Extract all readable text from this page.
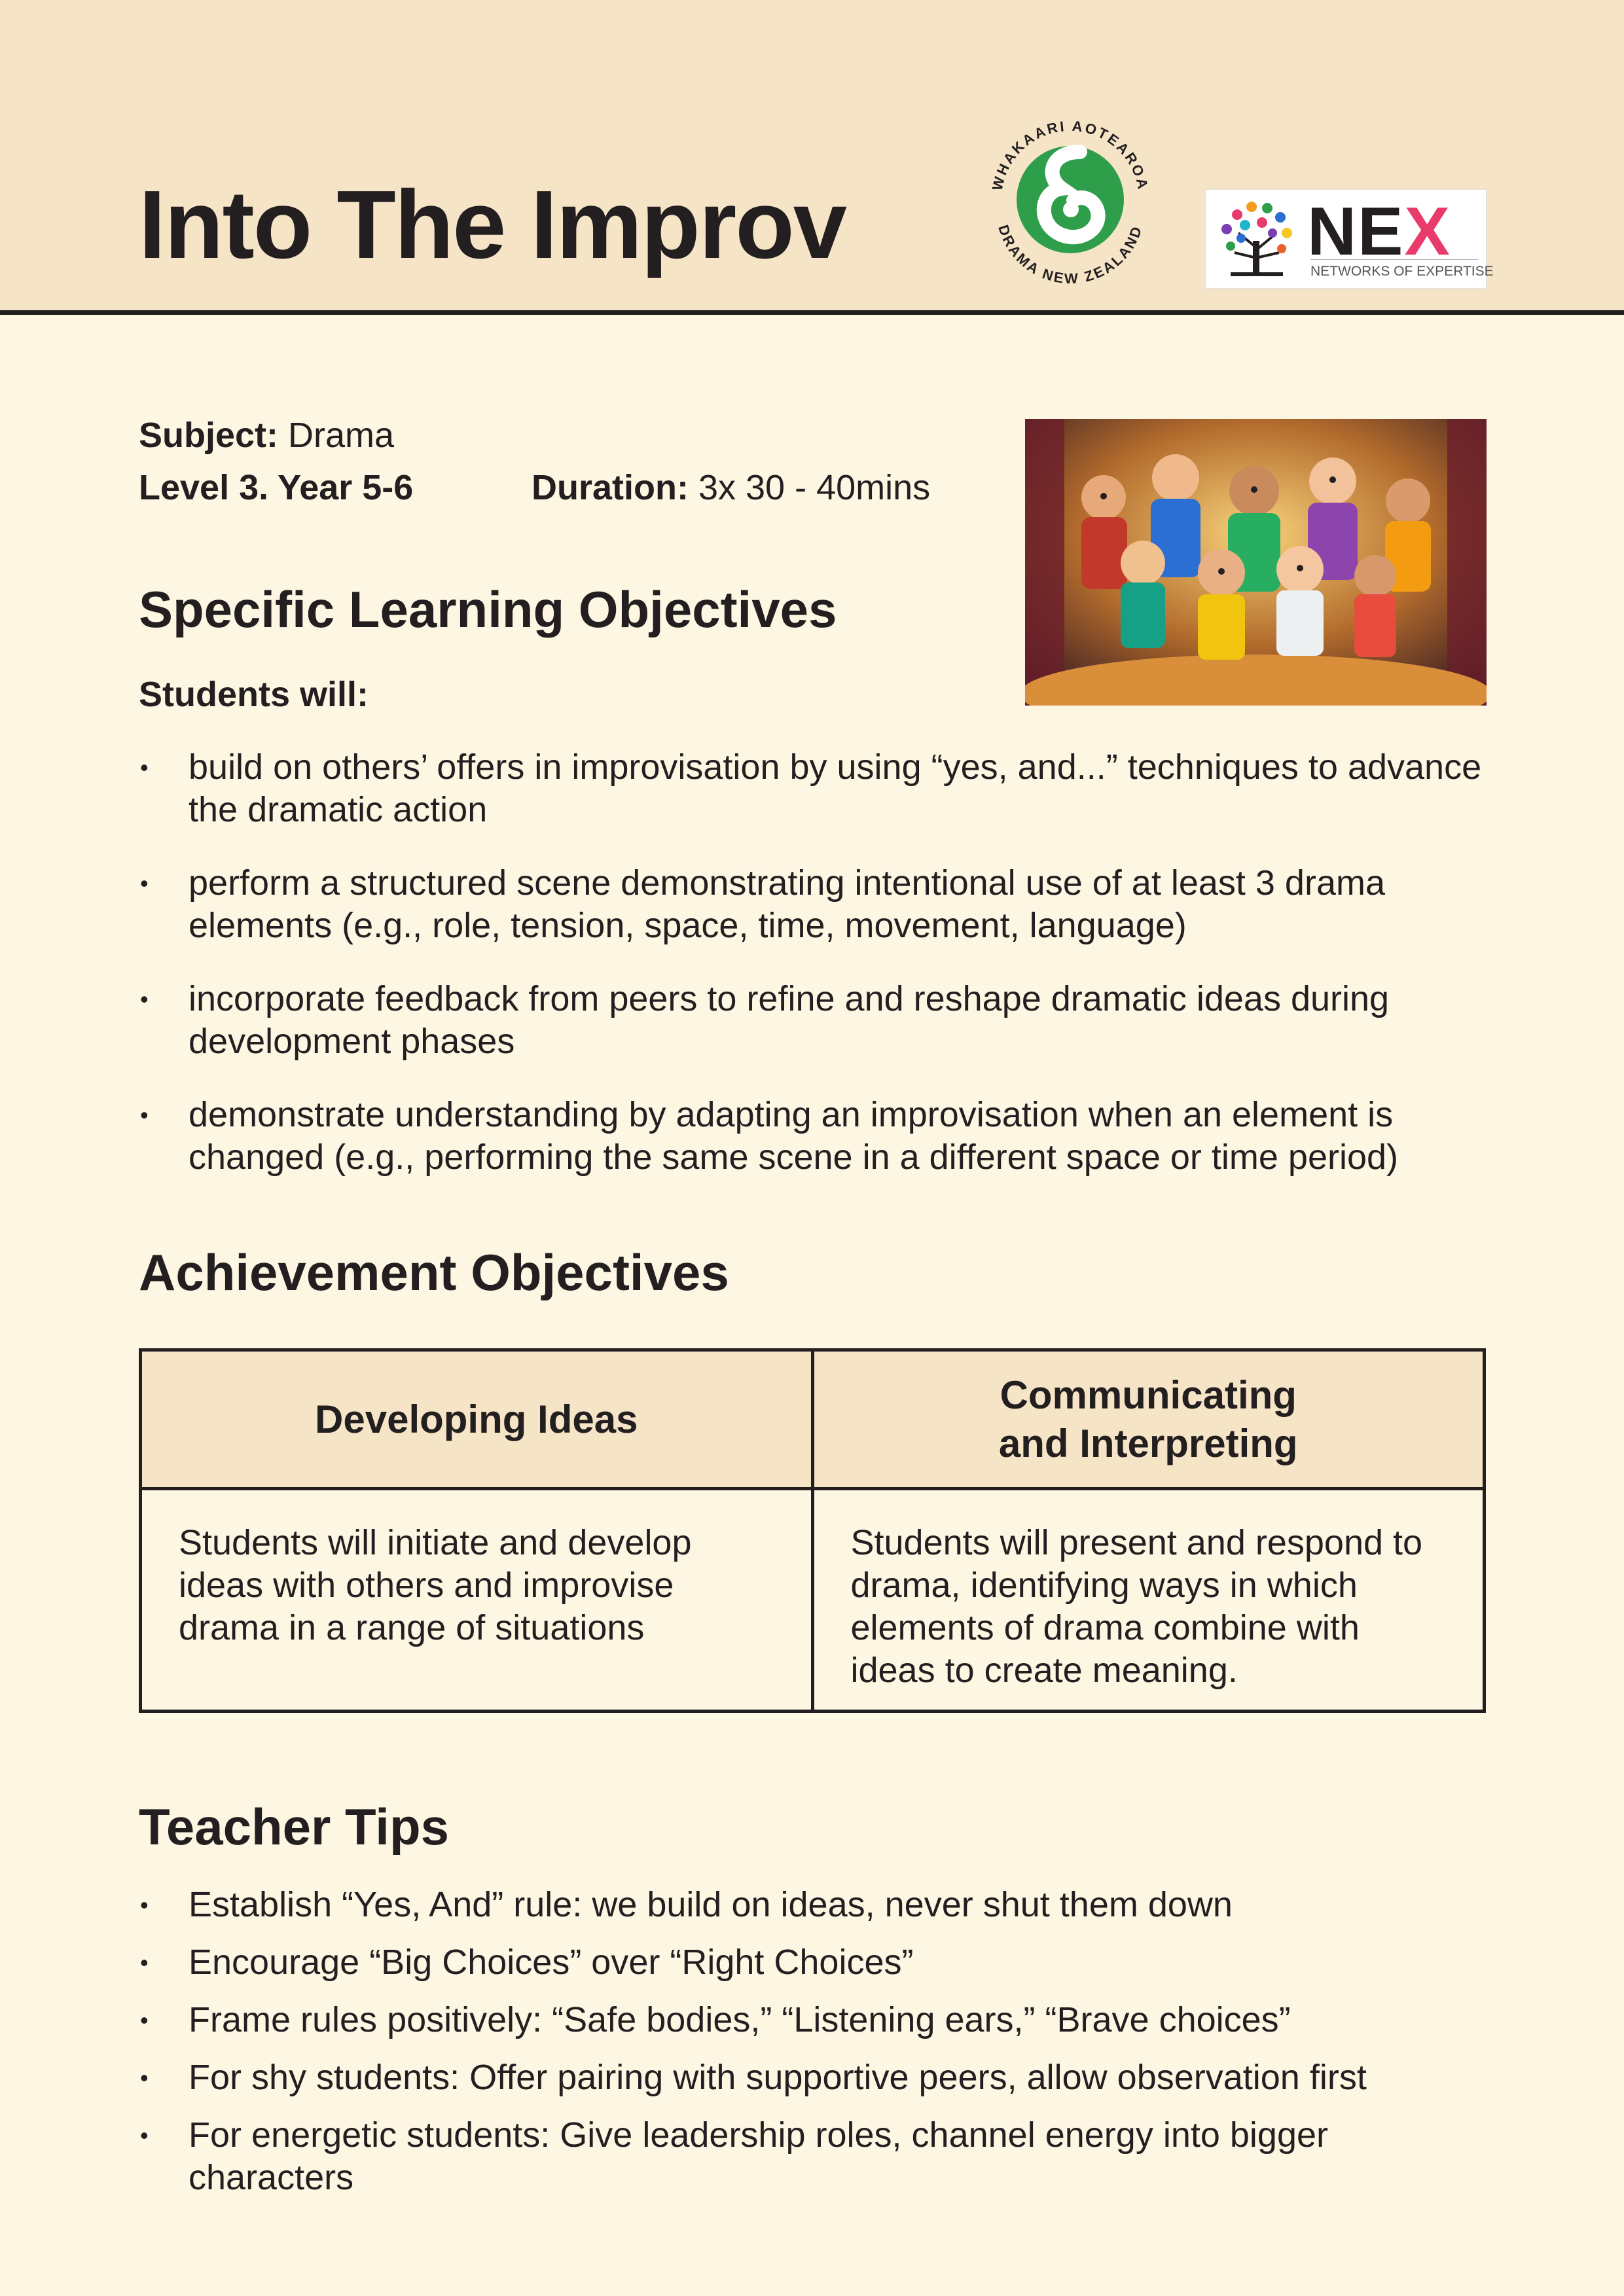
Into The Improv	WHAKAARI AOTEAROA
DRAMA NEW ZEALAND NEX
NETWORKS OF EXPERTISE
Subject: Drama
Level 3. Year 5-6	Duration: 3x 30 - 40mins
Specific Learning Objectives
Students will:
• build on others’ offers in improvisation by using “yes, and...” techniques to advance the dramatic action
• perform a structured scene demonstrating intentional use of at least 3 drama elements (e.g., role, tension, space, time, movement, language)
• incorporate feedback from peers to refine and reshape dramatic ideas during development phases
• demonstrate understanding by adapting an improvisation when an element is changed (e.g., performing the same scene in a different space or time period)
Achievement Objectives
Developing Ideas	Communicating and Interpreting
Students will initiate and develop ideas with others and improvise drama in a range of situations	Students will present and respond to drama, identifying ways in which elements of drama combine with ideas to create meaning.
Teacher Tips
• Establish “Yes, And” rule: we build on ideas, never shut them down
• Encourage “Big Choices” over “Right Choices”
• Frame rules positively: “Safe bodies,” “Listening ears,” “Brave choices”
• For shy students: Offer pairing with supportive peers, allow observation first
• For energetic students: Give leadership roles, channel energy into bigger characters
